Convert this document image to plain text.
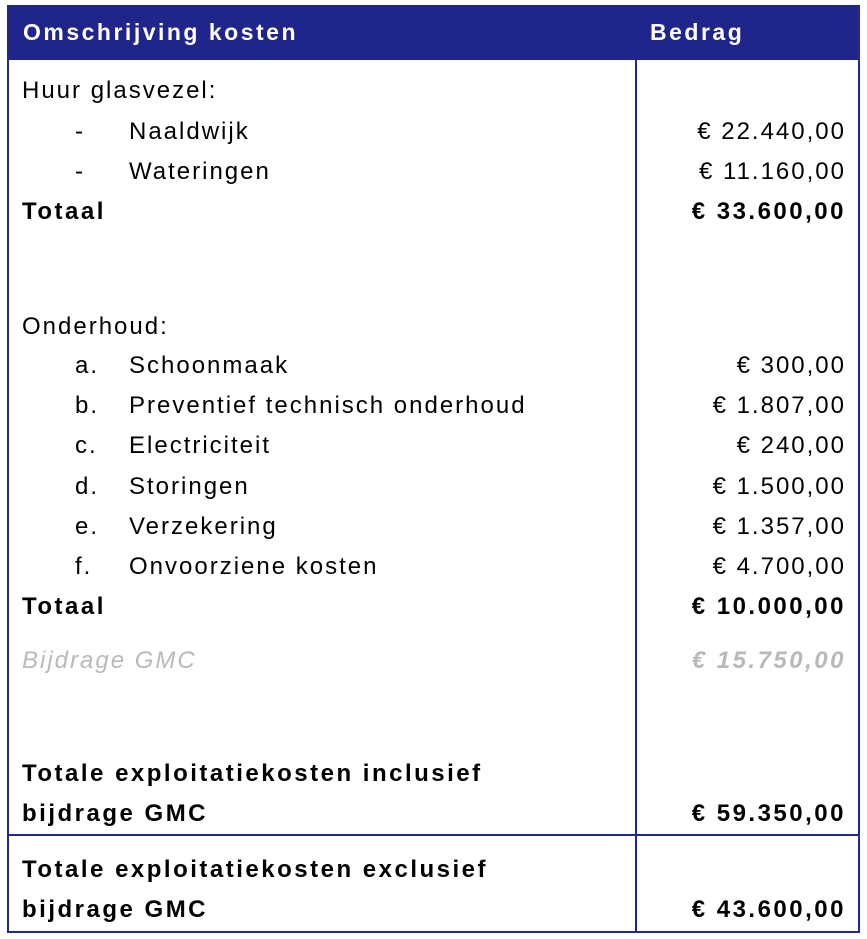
Omschrijving kosten	Bedrag
Huur glasvezel:
- Naaldwijk	€ 22.440,00
- Wateringen	€ 11.160,00
Totaal	€ 33.600,00
Onderhoud:
a. Schoonmaak	€ 300,00
b. Preventief technisch onderhoud	€ 1.807,00
c. Electriciteit	€ 240,00
d. Storingen	€ 1.500,00
e. Verzekering	€ 1.357,00
f. Onvoorziene kosten	€ 4.700,00
Totaal	€ 10.000,00
Bijdrage GMC	€ 15.750,00
Totale exploitatiekosten inclusief
bijdrage GMC	€ 59.350,00
Totale exploitatiekosten exclusief
bijdrage GMC	€ 43.600,00
